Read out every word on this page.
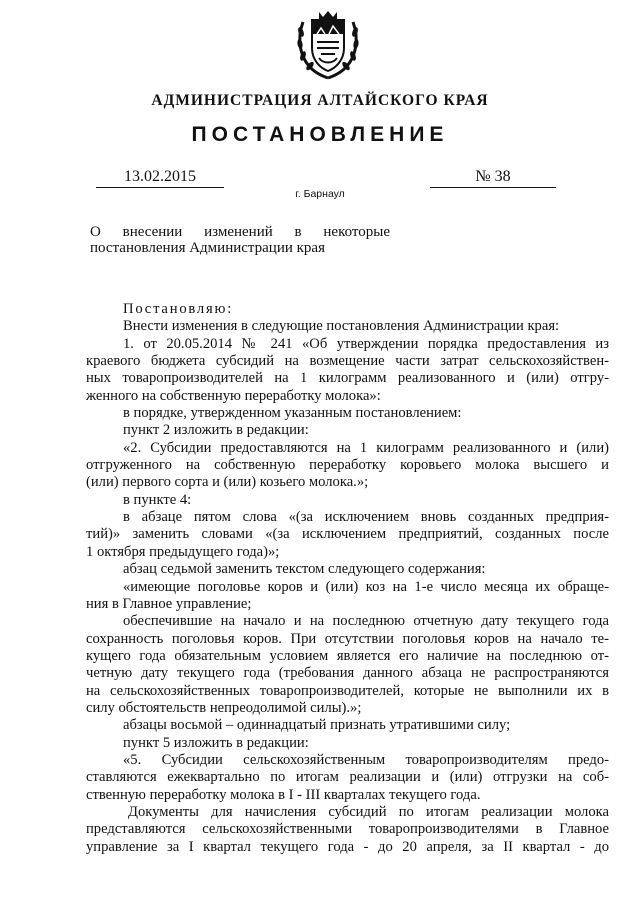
АДМИНИСТРАЦИЯ АЛТАЙСКОГО КРАЯ
ПОСТАНОВЛЕНИЕ
13.02.2015
г. Барнаул
№ 38
О внесении изменений в некоторые
постановления Администрации края
Постановляю:
Внести изменения в следующие постановления Администрации края:
1. от 20.05.2014 № 241 «Об утверждении порядка предоставления из
краевого бюджета субсидий на возмещение части затрат сельскохозяйствен-
ных товаропроизводителей на 1 килограмм реализованного и (или) отгру-
женного на собственную переработку молока»:
в порядке, утвержденном указанным постановлением:
пункт 2 изложить в редакции:
«2. Субсидии предоставляются на 1 килограмм реализованного и (или)
отгруженного на собственную переработку коровьего молока высшего и
(или) первого сорта и (или) козьего молока.»;
в пункте 4:
в абзаце пятом слова «(за исключением вновь созданных предприя-
тий)» заменить словами «(за исключением предприятий, созданных после
1 октября предыдущего года)»;
абзац седьмой заменить текстом следующего содержания:
«имеющие поголовье коров и (или) коз на 1-е число месяца их обраще-
ния в Главное управление;
обеспечившие на начало и на последнюю отчетную дату текущего года
сохранность поголовья коров. При отсутствии поголовья коров на начало те-
кущего года обязательным условием является его наличие на последнюю от-
четную дату текущего года (требования данного абзаца не распространяются
на сельскохозяйственных товаропроизводителей, которые не выполнили их в
силу обстоятельств непреодолимой силы).»;
абзацы восьмой – одиннадцатый признать утратившими силу;
пункт 5 изложить в редакции:
«5. Субсидии сельскохозяйственным товаропроизводителям предо-
ставляются ежеквартально по итогам реализации и (или) отгрузки на соб-
ственную переработку молока в I - III кварталах текущего года.
Документы для начисления субсидий по итогам реализации молока
представляются сельскохозяйственными товаропроизводителями в Главное
управление за I квартал текущего года - до 20 апреля, за II квартал - до
